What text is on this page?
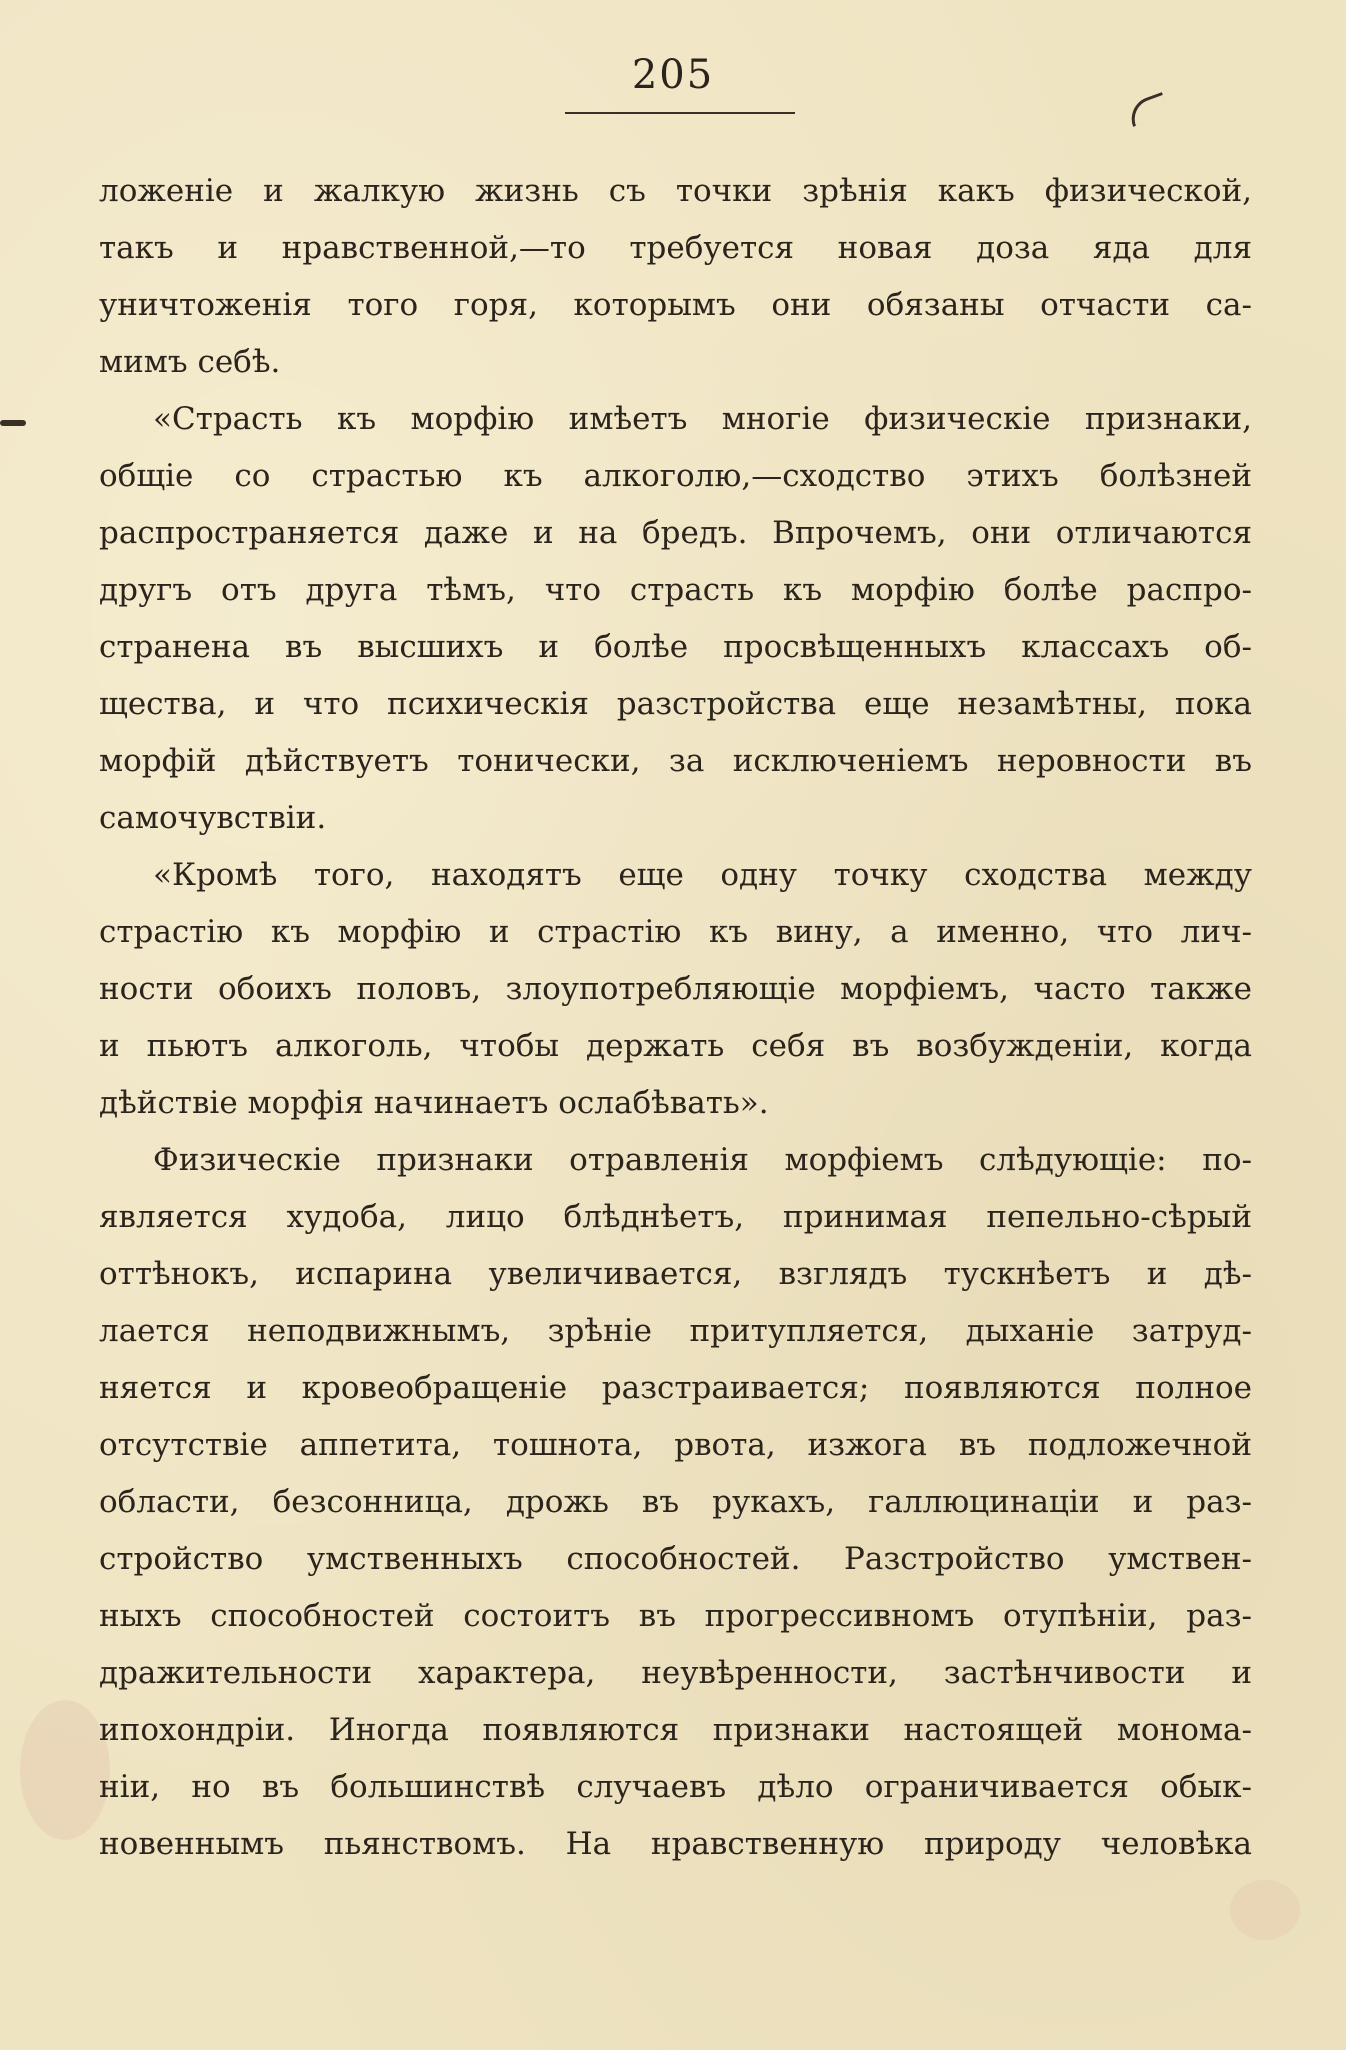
205
ложеніе и жалкую жизнь съ точки зрѣнія какъ физической,
такъ и нравственной,—то требуется новая доза яда для
уничтоженія того горя, которымъ они обязаны отчасти са-
мимъ себѣ.
«Страсть къ морфію имѣетъ многіе физическіе признаки,
общіе со страстью къ алкоголю,—сходство этихъ болѣзней
распространяется даже и на бредъ. Впрочемъ, они отличаются
другъ отъ друга тѣмъ, что страсть къ морфію болѣе распро-
странена въ высшихъ и болѣе просвѣщенныхъ классахъ об-
щества, и что психическія разстройства еще незамѣтны, пока
морфій дѣйствуетъ тонически, за исключеніемъ неровности въ
самочувствіи.
«Кромѣ того, находятъ еще одну точку сходства между
страстію къ морфію и страстію къ вину, а именно, что лич-
ности обоихъ половъ, злоупотребляющіе морфіемъ, часто также
и пьютъ алкоголь, чтобы держать себя въ возбужденіи, когда
дѣйствіе морфія начинаетъ ослабѣвать».
Физическіе признаки отравленія морфіемъ слѣдующіе: по-
является худоба, лицо блѣднѣетъ, принимая пепельно-сѣрый
оттѣнокъ, испарина увеличивается, взглядъ тускнѣетъ и дѣ-
лается неподвижнымъ, зрѣніе притупляется, дыханіе затруд-
няется и кровеобращеніе разстраивается; появляются полное
отсутствіе аппетита, тошнота, рвота, изжога въ подложечной
области, безсонница, дрожь въ рукахъ, галлюцинаціи и раз-
стройство умственныхъ способностей. Разстройство умствен-
ныхъ способностей состоитъ въ прогрессивномъ отупѣніи, раз-
дражительности характера, неувѣренности, застѣнчивости и
ипохондріи. Иногда появляются признаки настоящей монома-
ніи, но въ большинствѣ случаевъ дѣло ограничивается обык-
новеннымъ пьянствомъ. На нравственную природу человѣка
